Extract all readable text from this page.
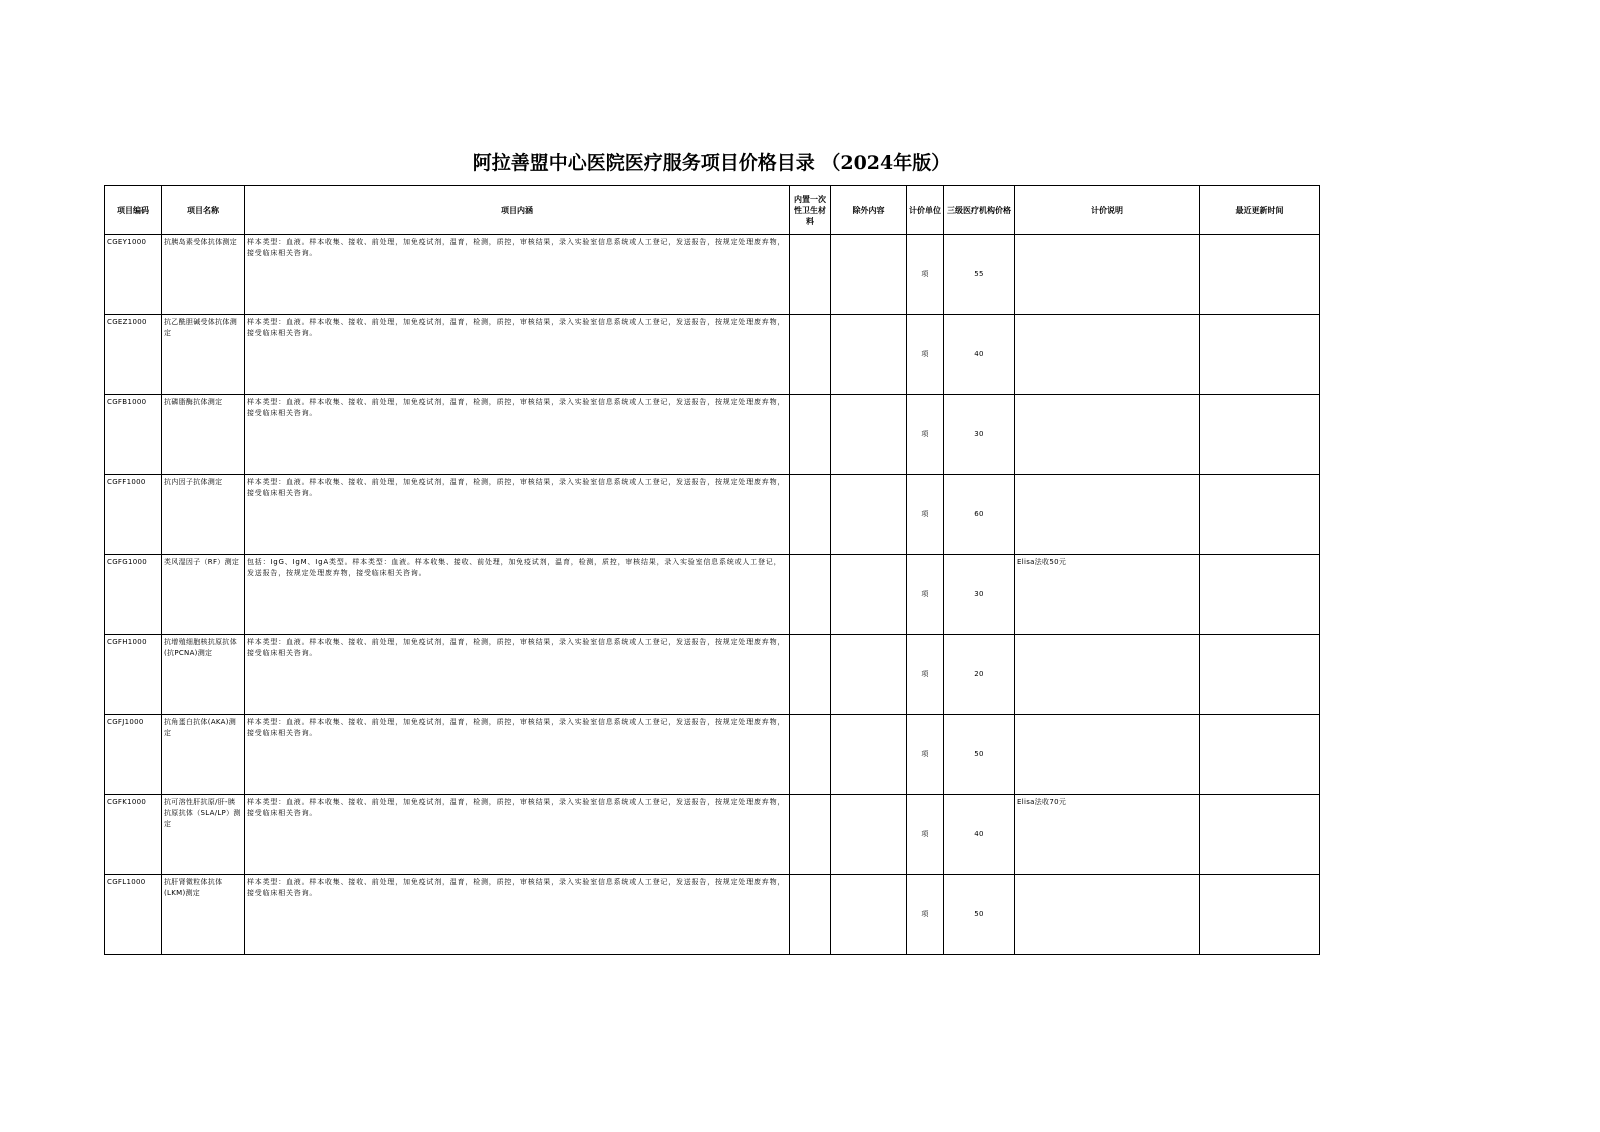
阿拉善盟中心医院医疗服务项目价格目录 （2024年版）
项目编码	项目名称	项目内涵	内置一次性卫生材料	除外内容	计价单位	三级医疗机构价格	计价说明	最近更新时间
CGEY1000	抗胰岛素受体抗体测定	样本类型：血液。样本收集、接收、前处理，加免疫试剂，温育，检测，质控，审核结果，录入实验室信息系统或人工登记，发送报告，按规定处理废弃物，接受临床相关咨询。			项	55		
CGEZ1000	抗乙酰胆碱受体抗体测定	样本类型：血液。样本收集、接收、前处理，加免疫试剂，温育，检测，质控，审核结果，录入实验室信息系统或人工登记，发送报告，按规定处理废弃物，接受临床相关咨询。			项	40		
CGFB1000	抗磷脂酶抗体测定	样本类型：血液。样本收集、接收、前处理，加免疫试剂，温育，检测，质控，审核结果，录入实验室信息系统或人工登记，发送报告，按规定处理废弃物，接受临床相关咨询。			项	30		
CGFF1000	抗内因子抗体测定	样本类型：血液。样本收集、接收、前处理，加免疫试剂，温育，检测，质控，审核结果，录入实验室信息系统或人工登记，发送报告，按规定处理废弃物，接受临床相关咨询。			项	60		
CGFG1000	类风湿因子（RF）测定	包括：IgG、IgM、IgA类型。样本类型：血液。样本收集、接收、前处理，加免疫试剂，温育，检测，质控，审核结果，录入实验室信息系统或人工登记，发送报告，按规定处理废弃物，接受临床相关咨询。			项	30	Elisa法收50元	
CGFH1000	抗增殖细胞核抗原抗体(抗PCNA)测定	样本类型：血液。样本收集、接收、前处理，加免疫试剂，温育，检测，质控，审核结果，录入实验室信息系统或人工登记，发送报告，按规定处理废弃物，接受临床相关咨询。			项	20		
CGFJ1000	抗角蛋白抗体(AKA)测定	样本类型：血液。样本收集、接收、前处理，加免疫试剂，温育，检测，质控，审核结果，录入实验室信息系统或人工登记，发送报告，按规定处理废弃物，接受临床相关咨询。			项	50		
CGFK1000	抗可溶性肝抗原/肝-胰抗原抗体（SLA/LP）测定	样本类型：血液。样本收集、接收、前处理，加免疫试剂，温育，检测，质控，审核结果，录入实验室信息系统或人工登记，发送报告，按规定处理废弃物，接受临床相关咨询。			项	40	Elisa法收70元	
CGFL1000	抗肝肾微粒体抗体(LKM)测定	样本类型：血液。样本收集、接收、前处理，加免疫试剂，温育，检测，质控，审核结果，录入实验室信息系统或人工登记，发送报告，按规定处理废弃物，接受临床相关咨询。			项	50		
